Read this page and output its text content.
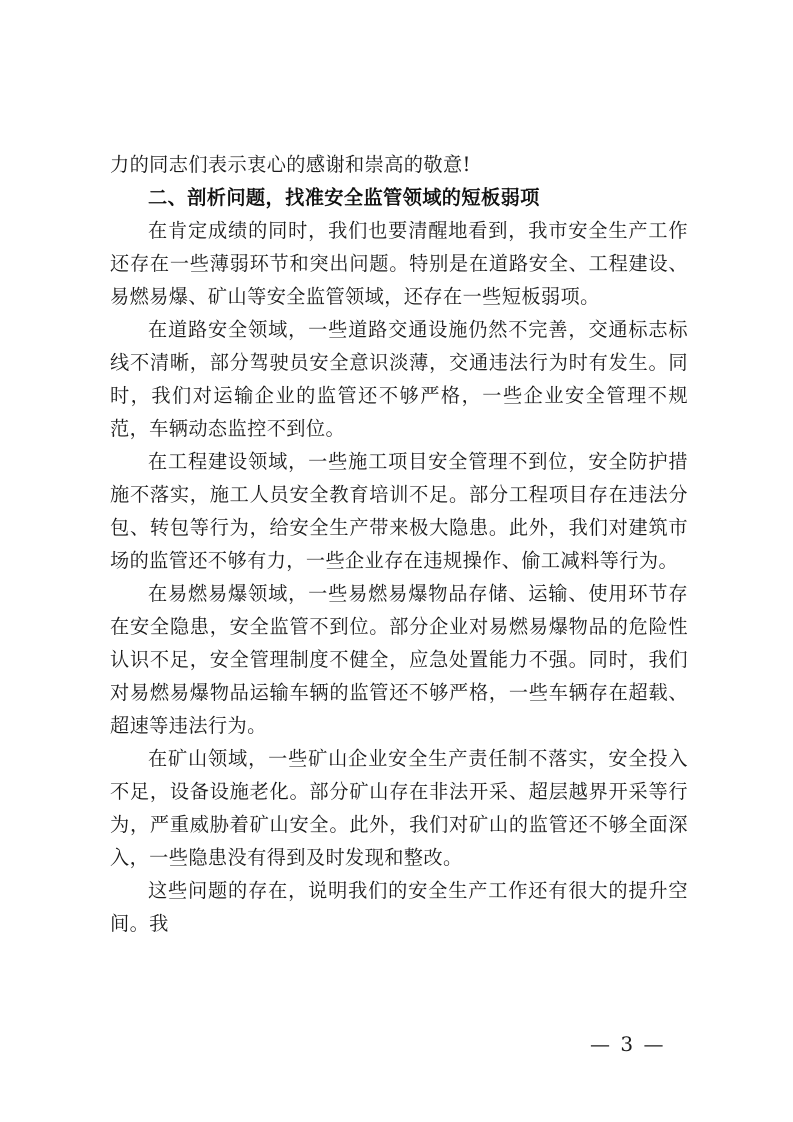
力的同志们表示衷心的感谢和崇高的敬意!

二、剖析问题，找准安全监管领域的短板弱项

在肯定成绩的同时，我们也要清醒地看到，我市安全生产工作还存在一些薄弱环节和突出问题。特别是在道路安全、工程建设、易燃易爆、矿山等安全监管领域，还存在一些短板弱项。

在道路安全领域，一些道路交通设施仍然不完善，交通标志标线不清晰，部分驾驶员安全意识淡薄，交通违法行为时有发生。同时，我们对运输企业的监管还不够严格，一些企业安全管理不规范，车辆动态监控不到位。

在工程建设领域，一些施工项目安全管理不到位，安全防护措施不落实，施工人员安全教育培训不足。部分工程项目存在违法分包、转包等行为，给安全生产带来极大隐患。此外，我们对建筑市场的监管还不够有力，一些企业存在违规操作、偷工减料等行为。

在易燃易爆领域，一些易燃易爆物品存储、运输、使用环节存在安全隐患，安全监管不到位。部分企业对易燃易爆物品的危险性认识不足，安全管理制度不健全，应急处置能力不强。同时，我们对易燃易爆物品运输车辆的监管还不够严格，一些车辆存在超载、超速等违法行为。

在矿山领域，一些矿山企业安全生产责任制不落实，安全投入不足，设备设施老化。部分矿山存在非法开采、超层越界开采等行为，严重威胁着矿山安全。此外，我们对矿山的监管还不够全面深入，一些隐患没有得到及时发现和整改。

这些问题的存在，说明我们的安全生产工作还有很大的提升空间。我

— 3 —
